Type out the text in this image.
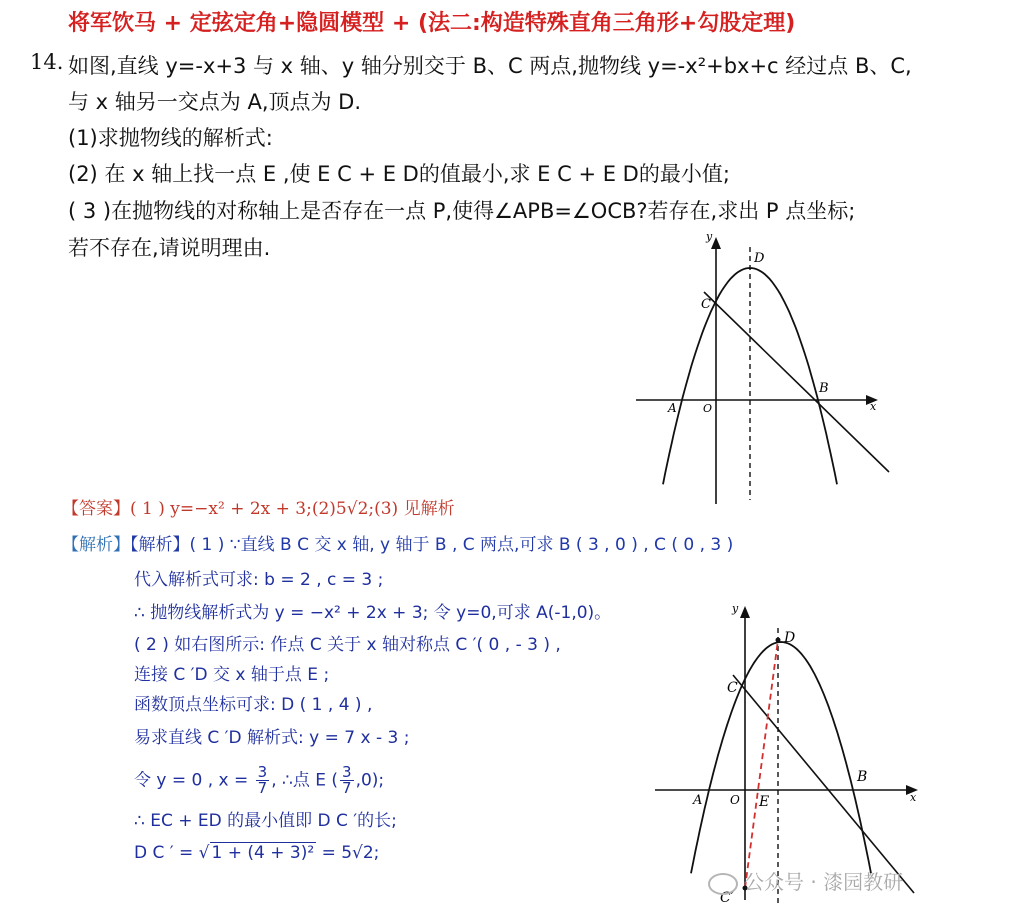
将军饮马 + 定弦定角+隐圆模型 + (法二:构造特殊直角三角形+勾股定理)
14. 如图,直线 y=-x+3 与 x 轴、y 轴分别交于 B、C 两点,抛物线 y=-x²+bx+c 经过点 B、C,
与 x 轴另一交点为 A,顶点为 D.
(1)求抛物线的解析式:
(2) 在 x 轴上找一点 E ,使 E C + E D的值最小,求 E C + E D的最小值;
( 3 )在抛物线的对称轴上是否存在一点 P,使得∠APB=∠OCB?若存在,求出 P 点坐标;
若不存在,请说明理由.	y
x
D
C
B
A O
【答案】( 1 ) y=−x² + 2x + 3;(2)5√2;(3) 见解析
【解析】【解析】( 1 ) ∵直线 B C 交 x 轴, y 轴于 B , C 两点,可求 B ( 3 , 0 ) , C ( 0 , 3 )
代入解析式可求: b = 2 , c = 3 ;
∴ 抛物线解析式为 y = −x² + 2x + 3; 令 y=0,可求 A(-1,0)。
( 2 ) 如右图所示: 作点 C 关于 x 轴对称点 C ′( 0 , - 3 ) ,
连接 C ′D 交 x 轴于点 E ;
函数顶点坐标可求: D ( 1 , 4 ) ,
易求直线 C ′D 解析式: y = 7 x - 3 ;
令 y = 0 , $x = \frac{3}{7}$ , ∴点 E ( $\frac{3}{7} ,0$);
∴ EC + ED 的最小值即 D C ′的长;
D C ′ = √ 1 + (4 + 3)² = 5√2;
y
x
D
C
B
A O E
C′
公众号 · 漆园教研
